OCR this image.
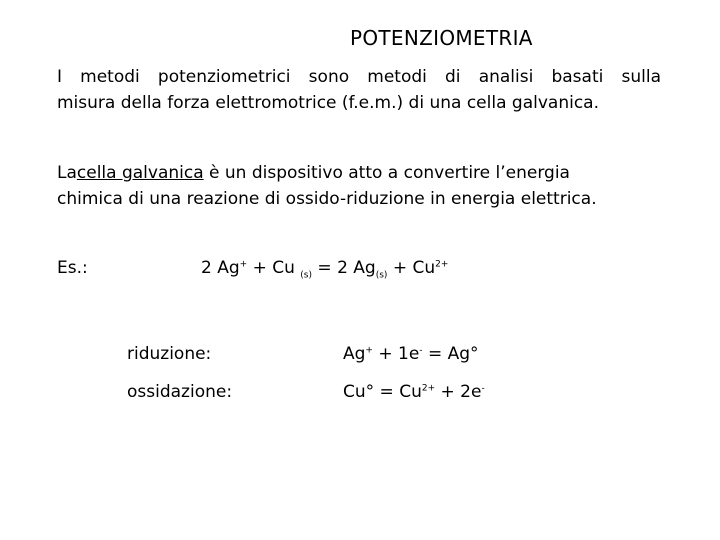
POTENZIOMETRIA
I metodi potenziometrici sono metodi di analisi basati sulla
misura della forza elettromotrice (f.e.m.) di una cella galvanica.
Lacella galvanica è un dispositivo atto a convertire l’energia
chimica di una reazione di ossido-riduzione in energia elettrica.
Es.:	2 Ag+ + Cu $_{(s)}$ = 2 $Ag_{(s)} + Cu^{2+}$
riduzione:	Ag+ + 1e- = Ag°
ossidazione:	$Cu^\circ = Cu^{2+} + 2e^-$
